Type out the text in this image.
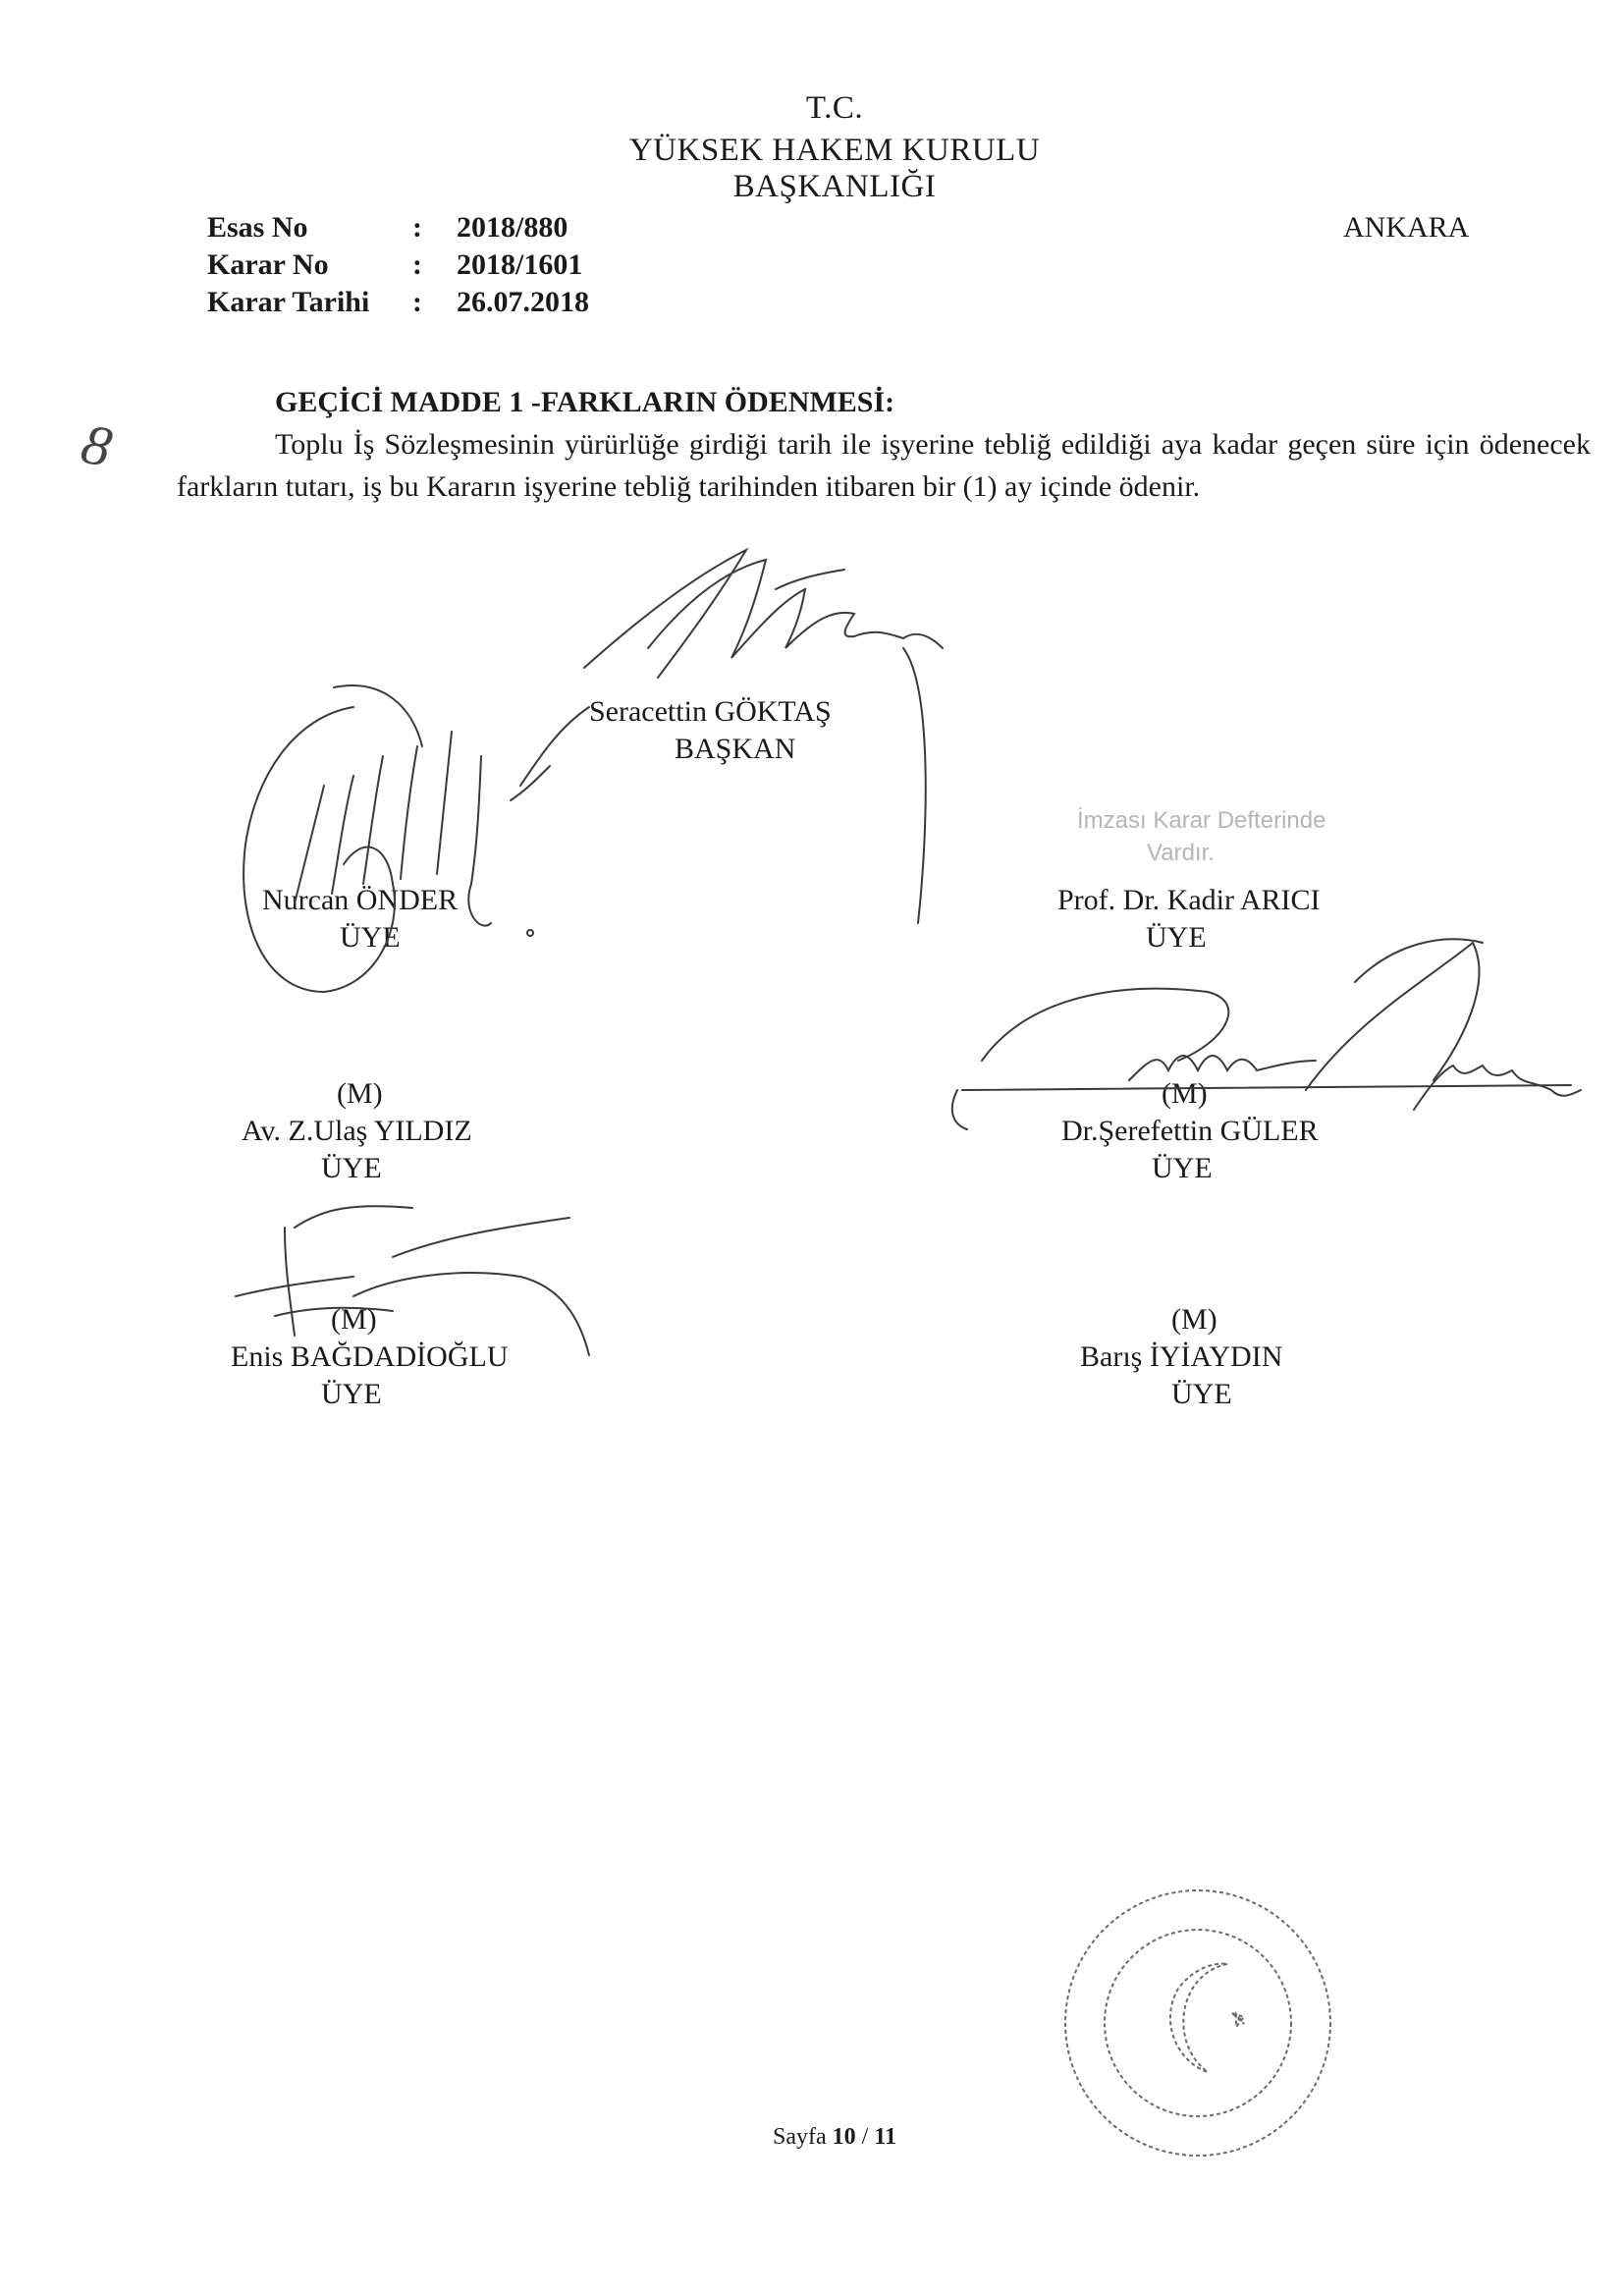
T.C.
YÜKSEK HAKEM KURULU
BAŞKANLIĞI
Esas No	: 2018/880
Karar No	: 2018/1601
Karar Tarihi : 26.07.2018
ANKARA
GEÇİCİ MADDE 1 -FARKLARIN ÖDENMESİ:
Toplu İş Sözleşmesinin yürürlüğe girdiği tarih ile işyerine tebliğ edildiği aya kadar geçen süre için ödenecek farkların tutarı, iş bu Kararın işyerine tebliğ tarihinden itibaren bir (1) ay içinde ödenir.
8
Seracettin GÖKTAŞ
BAŞKAN
Nurcan ÖNDER
ÜYE
İmzası Karar Defterinde
Vardır.
Prof. Dr. Kadir ARICI
ÜYE
(M)
Av. Z.Ulaş YILDIZ
ÜYE
(M)
Dr.Şerefettin GÜLER
ÜYE
(M)
Enis BAĞDADİOĞLU
ÜYE
(M)
Barış İYİAYDIN
ÜYE
Sayfa 10 / 11
